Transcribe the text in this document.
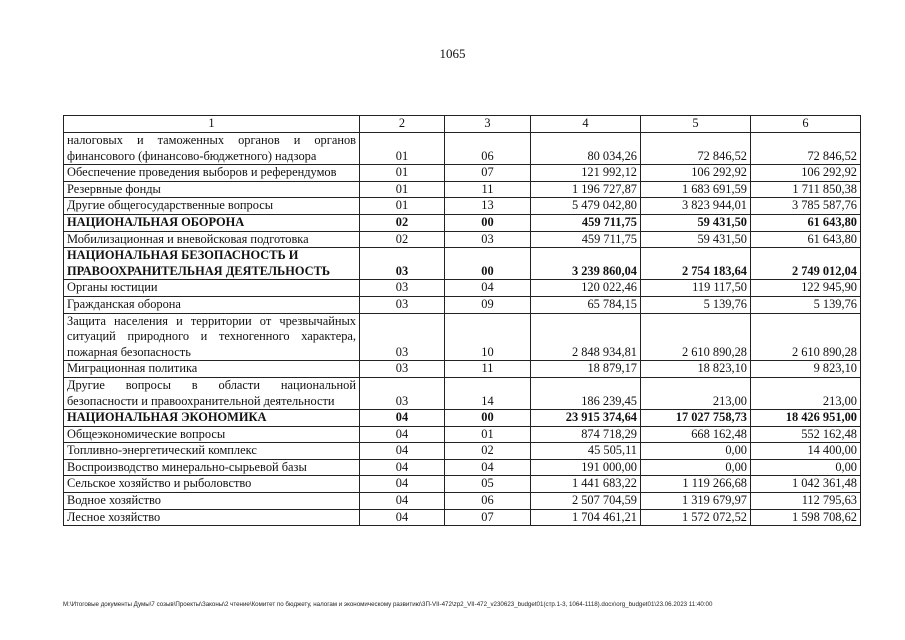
1065
1	2	3	4	5	6
налоговых и таможенных органов и органов финансового (финансово-бюджетного) надзора	01	06	80 034,26	72 846,52	72 846,52
Обеспечение проведения выборов и референдумов	01	07	121 992,12	106 292,92	106 292,92
Резервные фонды	01	11	1 196 727,87	1 683 691,59	1 711 850,38
Другие общегосударственные вопросы	01	13	5 479 042,80	3 823 944,01	3 785 587,76
НАЦИОНАЛЬНАЯ ОБОРОНА	02	00	459 711,75	59 431,50	61 643,80
Мобилизационная и вневойсковая подготовка	02	03	459 711,75	59 431,50	61 643,80
НАЦИОНАЛЬНАЯ БЕЗОПАСНОСТЬ И ПРАВООХРАНИТЕЛЬНАЯ ДЕЯТЕЛЬНОСТЬ	03	00	3 239 860,04	2 754 183,64	2 749 012,04
Органы юстиции	03	04	120 022,46	119 117,50	122 945,90
Гражданская оборона	03	09	65 784,15	5 139,76	5 139,76
Защита населения и территории от чрезвычайных ситуаций природного и техногенного характера, пожарная безопасность	03	10	2 848 934,81	2 610 890,28	2 610 890,28
Миграционная политика	03	11	18 879,17	18 823,10	9 823,10
Другие вопросы в области национальной безопасности и правоохранительной деятельности	03	14	186 239,45	213,00	213,00
НАЦИОНАЛЬНАЯ ЭКОНОМИКА	04	00	23 915 374,64	17 027 758,73	18 426 951,00
Общеэкономические вопросы	04	01	874 718,29	668 162,48	552 162,48
Топливно-энергетический комплекс	04	02	45 505,11	0,00	14 400,00
Воспроизводство минерально-сырьевой базы	04	04	191 000,00	0,00	0,00
Сельское хозяйство и рыболовство	04	05	1 441 683,22	1 119 266,68	1 042 361,48
Водное хозяйство	04	06	2 507 704,59	1 319 679,97	112 795,63
Лесное хозяйство	04	07	1 704 461,21	1 572 072,52	1 598 708,62
М:\Итоговые документы Думы\7 созыв\Проекты\Законы\2 чтение\Комитет по бюджету, налогам и экономическому развитию\3П-VII-472\zp2_VII-472_v230623_budget01(стр.1-3, 1064-1118).docx\org_budget01\23.06.2023 11:40:00
